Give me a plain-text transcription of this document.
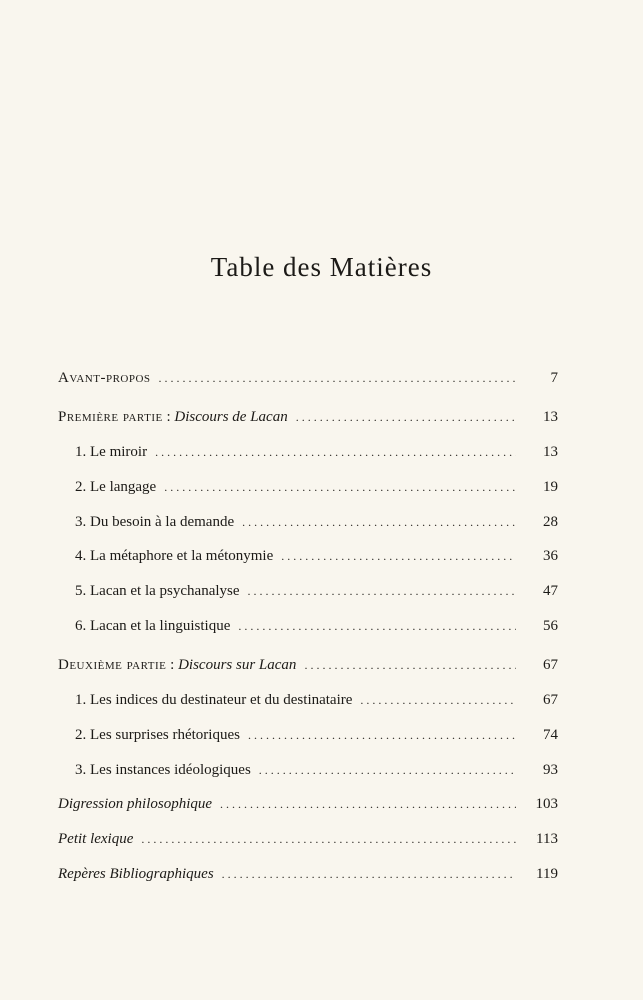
Table des Matières
Avant-propos . . .	7
Première partie : Discours de Lacan . . .	13
1. Le miroir . . .	13
2. Le langage . . .	19
3. Du besoin à la demande . . .	28
4. La métaphore et la métonymie . . .	36
5. Lacan et la psychanalyse . . .	47
6. Lacan et la linguistique . . .	56
Deuxième partie : Discours sur Lacan . . .	67
1. Les indices du destinateur et du destinataire . . .	67
2. Les surprises rhétoriques . . .	74
3. Les instances idéologiques . . .	93
Digression philosophique . . .	103
Petit lexique . . .	113
Repères Bibliographiques . . .	119
